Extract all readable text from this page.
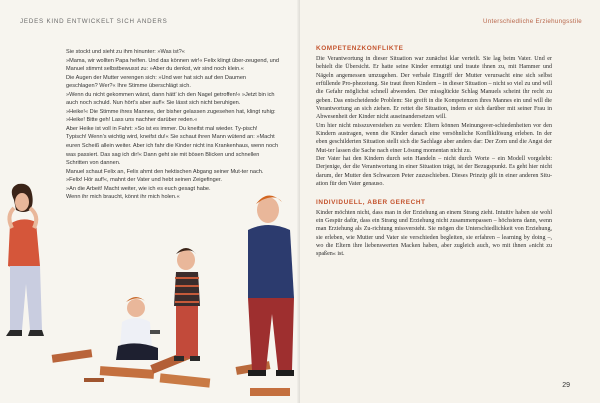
JEDES KIND ENTWICKELT SICH ANDERS

Sie stockt und sieht zu ihm hinunter: »Was ist?«

»Mama, wir wollten Papa helfen. Und das können wir!« Felix klingt über-zeugend, und Manuel stimmt selbstbewusst zu: »Aber du denkst, wir sind noch klein.«

Die Augen der Mutter verengen sich: »Und wer hat sich auf den Daumen geschlagen? Wer?« Ihre Stimme überschlägt sich.

»Wenn du nicht gekommen wärst, dann hätt’ ich den Nagel getroffen!« »Jetzt bin ich auch noch schuld. Nun hört’s aber auf!« Sie lässt sich nicht beruhigen.

»Heike!« Die Stimme ihres Mannes, der bisher gelassen zugesehen hat, klingt ruhig: »Heike! Bitte geh! Lass uns nachher darüber reden.«

Aber Heike ist voll in Fahrt: »So ist es immer. Du kneifst mal wieder. Ty-pisch! Typisch! Wenn’s wichtig wird, kneifst du!« Sie schaut ihren Mann wütend an: »Macht euren Scheiß allein weiter. Aber ich fahr die Kinder nicht ins Krankenhaus, wenn noch was passiert. Das sag ich dir!« Dann geht sie mit bösen Blicken und schnellen Schritten von dannen.

Manuel schaut Felix an, Felix ahmt den hektischen Abgang seiner Mut-ter nach.

»Felix! Hör auf!«, mahnt der Vater und hebt seinen Zeigefinger.

»An die Arbeit! Macht weiter, wie ich es euch gesagt habe.

Wenn ihr mich braucht, könnt ihr mich holen.«

Unterschiedliche Erziehungsstile
KOMPETENZKONFLIKTE

Die Verantwortung in dieser Situation war zunächst klar verteilt. Sie lag beim Vater. Und er behielt die Übersicht. Er hatte seine Kinder ermutigt und traute ihnen zu, mit Hammer und Nägeln angemessen umzugehen. Der verbale Eingriff der Mutter verursacht eine sich selbst erfüllende Pro-phezeiung. Sie traut ihren Kindern – in dieser Situation – nicht so viel zu und will die Gefahr möglichst schnell abwenden. Der missglückte Schlag Manuels scheint ihr recht zu geben. Das entscheidende Problem: Sie greift in die Kompetenzen ihres Mannes ein und will die Verantwortung an sich ziehen. Er rettet die Situation, indem er sich darüber mit seiner Frau in Abwesenheit der Kinder nicht auseinandersetzen will.

Um hier nicht misszuverstehen zu werden: Eltern können Meinungsver-schiedenheiten vor den Kindern austragen, wenn die Kinder danach eine versöhnliche Konfliktlösung erleben. In der eben geschilderten Situation stellt sich die Sachlage aber anders dar: Der Zorn und die Angst der Mut-ter lassen die Sache nach einer Lösung momentan nicht zu.

Der Vater hat den Kindern durch sein Handeln – nicht durch Worte – ein Modell vorgelebt: Derjenige, der die Verantwortung in einer Situation trägt, ist der Bezugspunkt. Es geht hier nicht darum, der Mutter den Schwarzen Peter zuzuschieben. Dieses Prinzip gilt in einer anderen Situ-ation für den Vater genauso.

INDIVIDUELL, ABER GERECHT

Kinder möchten nicht, dass man in der Erziehung an einem Strang zieht. Intuitiv haben sie wohl ein Gespür dafür, dass ein Strang und Erziehung nicht zusammenpassen – höchstens dann, wenn man Erziehung als Zu-richtung missversteht. Sie mögen die Unterschiedlichkeit von Erziehung, sie erleben, wie Mutter und Vater sie verschieden begleiten, sie erfahren – learning by doing –, wo die Eltern ihre liebenswerten Macken haben, aber zugleich auch, wo mit ihnen »nicht zu spaßen« ist.

29
